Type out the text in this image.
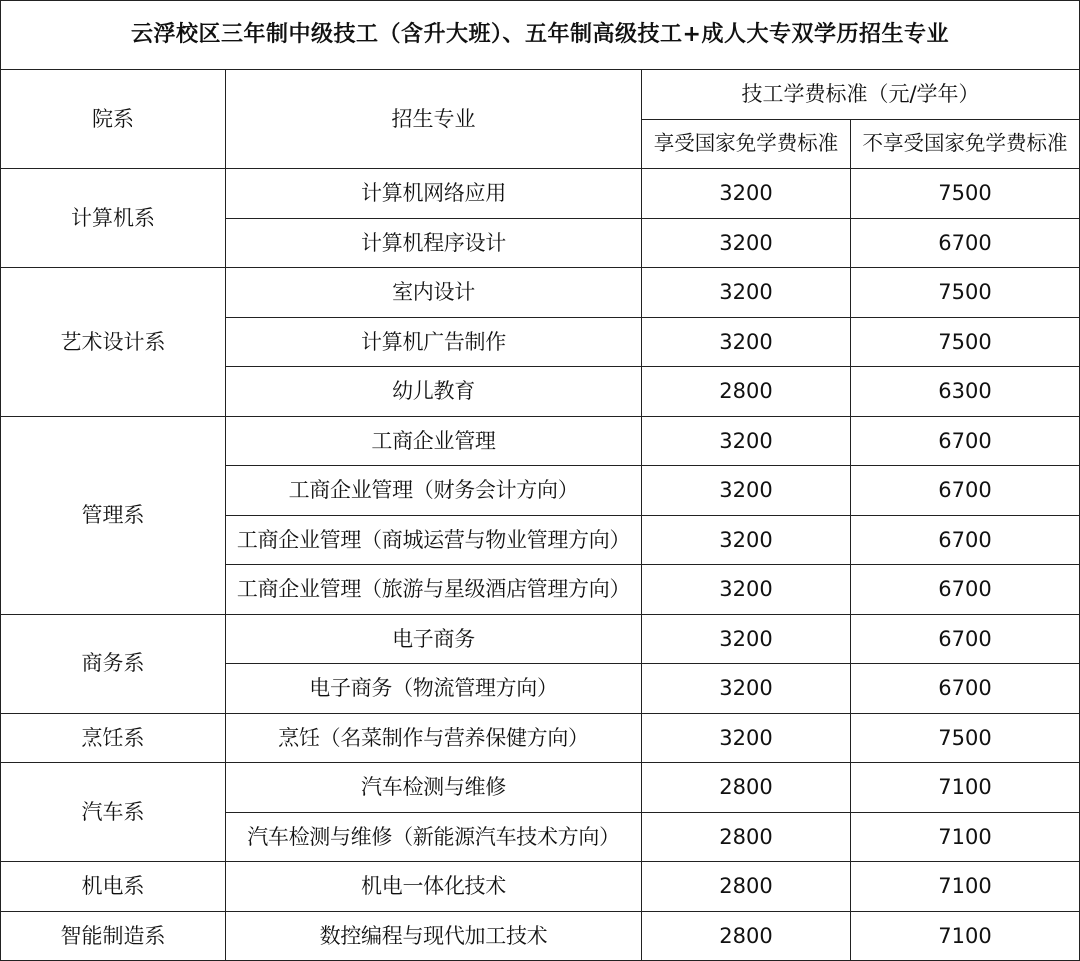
云浮校区三年制中级技工（含升大班）、五年制高级技工+成人大专双学历招生专业			
院系	招生专业	技工学费标准（元/学年）	
		享受国家免学费标准	不享受国家免学费标准
计算机系	计算机网络应用	3200	7500
	计算机程序设计	3200	6700
艺术设计系	室内设计	3200	7500
	计算机广告制作	3200	7500
	幼儿教育	2800	6300
管理系	工商企业管理	3200	6700
	工商企业管理（财务会计方向）	3200	6700
	工商企业管理（商城运营与物业管理方向）	3200	6700
	工商企业管理（旅游与星级酒店管理方向）	3200	6700
商务系	电子商务	3200	6700
	电子商务（物流管理方向）	3200	6700
烹饪系	烹饪（名菜制作与营养保健方向）	3200	7500
汽车系	汽车检测与维修	2800	7100
	汽车检测与维修（新能源汽车技术方向）	2800	7100
机电系	机电一体化技术	2800	7100
智能制造系	数控编程与现代加工技术	2800	7100
